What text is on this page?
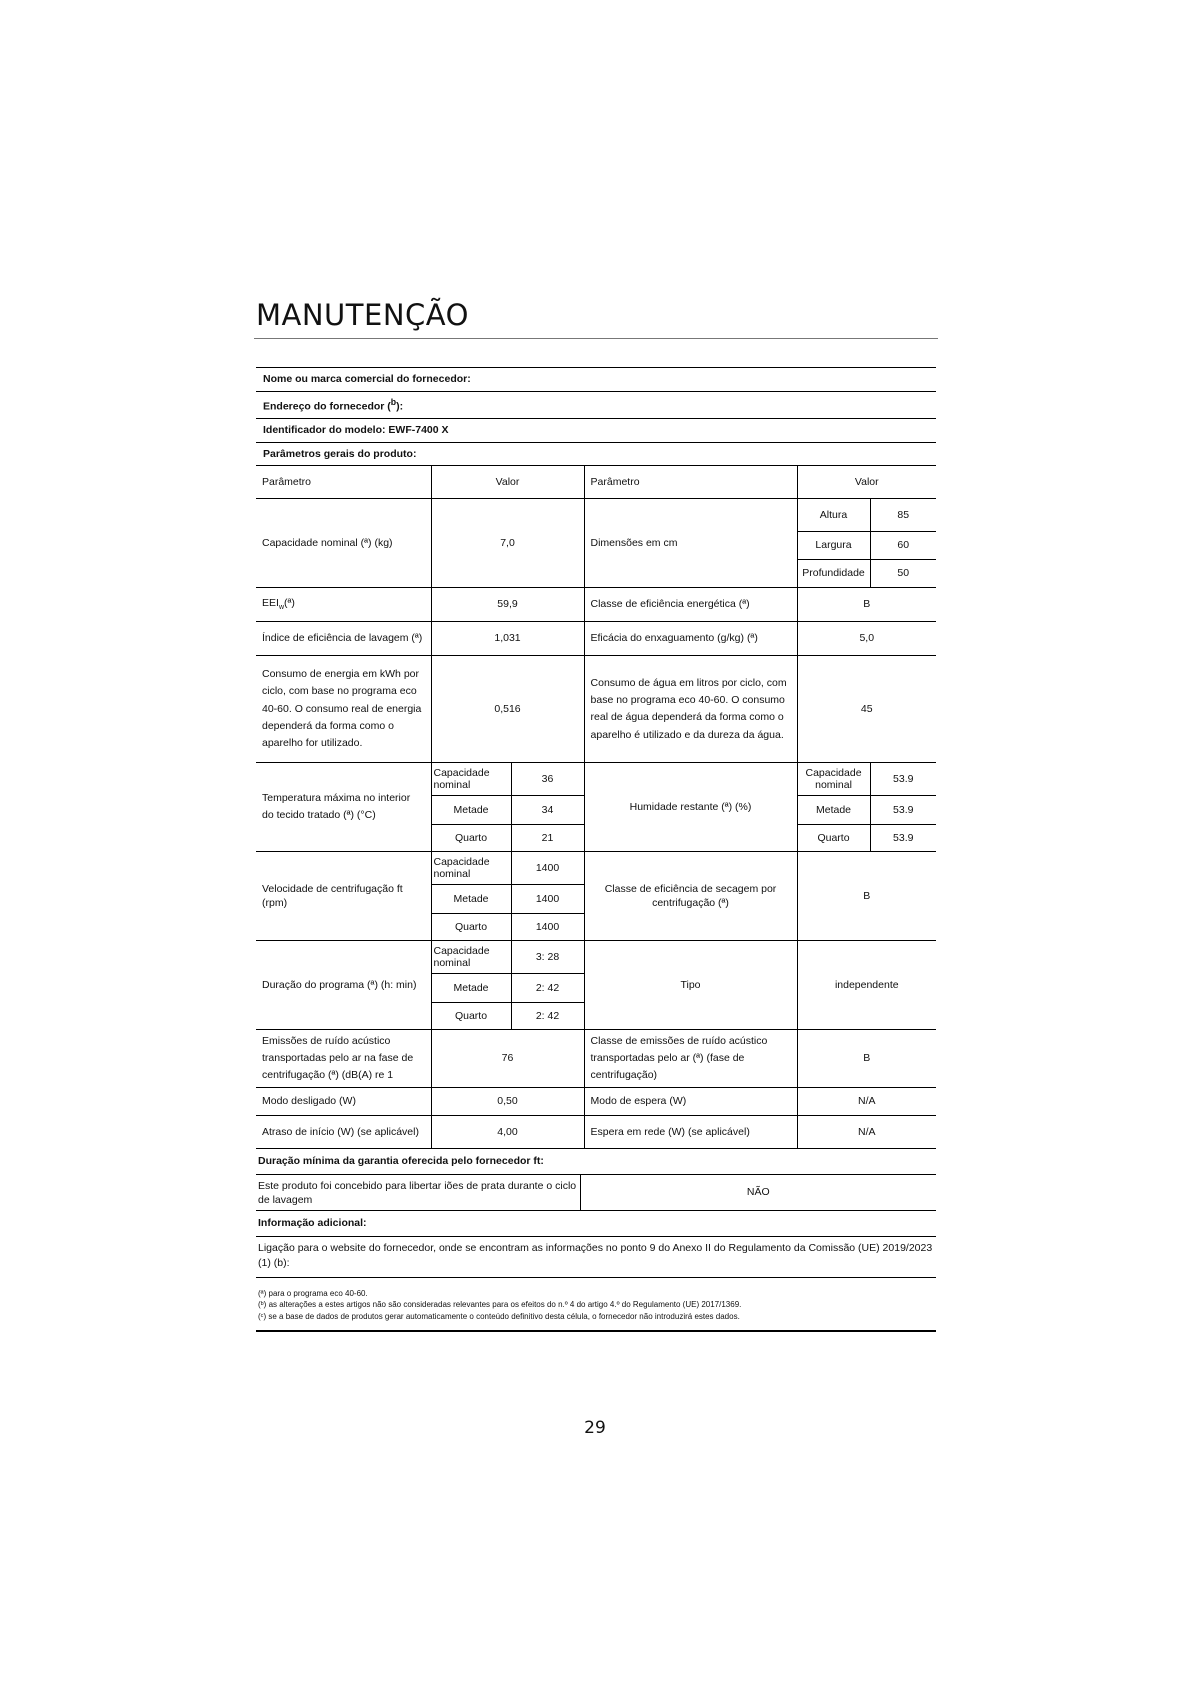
MANUTENÇÃO
Nome ou marca comercial do fornecedor:
Endereço do fornecedor ($^b$):
Identificador do modelo: EWF-7400 X
Parâmetros gerais do produto:
Parâmetro	Valor		Parâmetro	Valor	
Capacidade nominal (ª) (kg)	7,0		Dimensões em cm	Altura	85
				Largura	60
				Profundidade	50
$EEI_w(ª)$	59,9		Classe de eficiência energética (ª)	B	
Índice de eficiência de lavagem (ª)	1,031		Eficácia do enxaguamento (g/kg) (ª)	5,0	
Consumo de energia em kWh por ciclo, com base no programa eco 40-60. O consumo real de energia dependerá da forma como o aparelho for utilizado.	0,516		Consumo de água em litros por ciclo, com base no programa eco 40-60. O consumo real de água dependerá da forma como o aparelho é utilizado e da dureza da água.	45	
Temperatura máxima no interior do tecido tratado (ª) (°C)	Capacidade nominal	36	Humidade restante (ª) (%)	Capacidade nominal	53.9
	Metade	34		Metade	53.9
	Quarto	21		Quarto	53.9
Velocidade de centrifugação ft (rpm)	Capacidade nominal	1400	Classe de eficiência de secagem por centrifugação (ª)	B	
	Metade	1400			
	Quarto	1400			
Duração do programa (ª) (h: min)	Capacidade nominal	3: 28	Tipo	independente	
	Metade	2: 42			
	Quarto	2: 42			
Emissões de ruído acústico transportadas pelo ar na fase de centrifugação (ª) (dB(A) re 1	76		Classe de emissões de ruído acústico transportadas pelo ar (ª) (fase de centrifugação)	B	
Modo desligado (W)	0,50		Modo de espera (W)	N/A	
Atraso de início (W) (se aplicável)	4,00		Espera em rede (W) (se aplicável)	N/A	
Duração mínima da garantia oferecida pelo fornecedor ft:
Este produto foi concebido para libertar iões de prata durante o ciclo de lavagem	NÃO
Informação adicional:
Ligação para o website do fornecedor, onde se encontram as informações no ponto 9 do Anexo II do Regulamento da Comissão (UE) 2019/2023 (1) (b):
(ª) para o programa eco 40-60.
(ᵇ) as alterações a estes artigos não são consideradas relevantes para os efeitos do n.º 4 do artigo 4.º do Regulamento (UE) 2017/1369.
(ᶜ) se a base de dados de produtos gerar automaticamente o conteúdo definitivo desta célula, o fornecedor não introduzirá estes dados.
29
